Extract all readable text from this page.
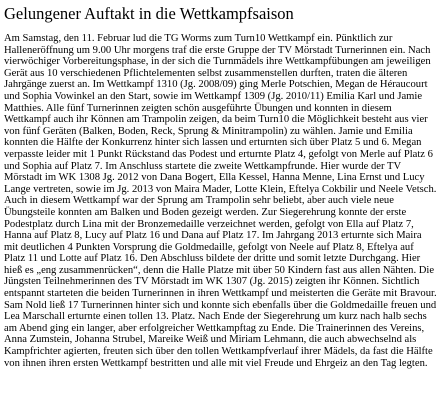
Gelungener Auftakt in die Wettkampfsaison

Am Samstag, den 11. Februar lud die TG Worms zum Turn10 Wettkampf ein. Pünktlich zur Halleneröffnung um 9.00 Uhr morgens traf die erste Gruppe der TV Mörstadt Turnerinnen ein. Nach vierwöchiger Vorbereitungsphase, in der sich die Turnmädels ihre Wettkampfübungen am jeweiligen Gerät aus 10 verschiedenen Pflichtelementen selbst zusammenstellen durften, traten die älteren Jahrgänge zuerst an. Im Wettkampf 1310 (Jg. 2008/09) ging Merle Potschien, Megan de Héraucourt und Sophia Vowinkel an den Start, sowie im Wettkampf 1309 (Jg. 2010/11) Emilia Karl und Jamie Matthies. Alle fünf Turnerinnen zeigten schön ausgeführte Übungen und konnten in diesem Wettkampf auch ihr Können am Trampolin zeigen, da beim Turn10 die Möglichkeit besteht aus vier von fünf Geräten (Balken, Boden, Reck, Sprung & Minitrampolin) zu wählen. Jamie und Emilia konnten die Hälfte der Konkurrenz hinter sich lassen und erturnten sich über Platz 5 und 6. Megan verpasste leider mit 1 Punkt Rückstand das Podest und erturnte Platz 4, gefolgt von Merle auf Platz 6 und Sophia auf Platz 7. Im Anschluss startete die zweite Wettkampfrunde. Hier wurde der TV Mörstadt im WK 1308 Jg. 2012 von Dana Bogert, Ella Kessel, Hanna Menne, Lina Ernst und Lucy Lange vertreten, sowie im Jg. 2013 von Maira Mader, Lotte Klein, Eftelya Cokbilir und Neele Vetsch. Auch in diesem Wettkampf war der Sprung am Trampolin sehr beliebt, aber auch viele neue Übungsteile konnten am Balken und Boden gezeigt werden. Zur Siegerehrung konnte der erste Podestplatz durch Lina mit der Bronzemedaille verzeichnet werden, gefolgt von Ella auf Platz 7, Hanna auf Platz 8, Lucy auf Platz 16 und Dana auf Platz 17. Im Jahrgang 2013 erturnte sich Maira mit deutlichen 4 Punkten Vorsprung die Goldmedaille, gefolgt von Neele auf Platz 8, Eftelya auf Platz 11 und Lotte auf Platz 16. Den Abschluss bildete der dritte und somit letzte Durchgang. Hier hieß es „eng zusammenrücken“, denn die Halle Platze mit über 50 Kindern fast aus allen Nähten. Die Jüngsten Teilnehmerinnen des TV Mörstadt im WK 1307 (Jg. 2015) zeigten ihr Können. Sichtlich entspannt starteten die beiden Turnerinnen in ihren Wettkampf und meisterten die Geräte mit Bravour. Sam Nold ließ 17 Turnerinnen hinter sich und konnte sich ebenfalls über die Goldmedaille freuen und Lea Marschall erturnte einen tollen 13. Platz. Nach Ende der Siegerehrung um kurz nach halb sechs am Abend ging ein langer, aber erfolgreicher Wettkampftag zu Ende. Die Trainerinnen des Vereins, Anna Zumstein, Johanna Strubel, Mareike Weiß und Miriam Lehmann, die auch abwechselnd als Kampfrichter agierten, freuten sich über den tollen Wettkampfverlauf ihrer Mädels, da fast die Hälfte von ihnen ihren ersten Wettkampf bestritten und alle mit viel Freude und Ehrgeiz an den Tag legten.
